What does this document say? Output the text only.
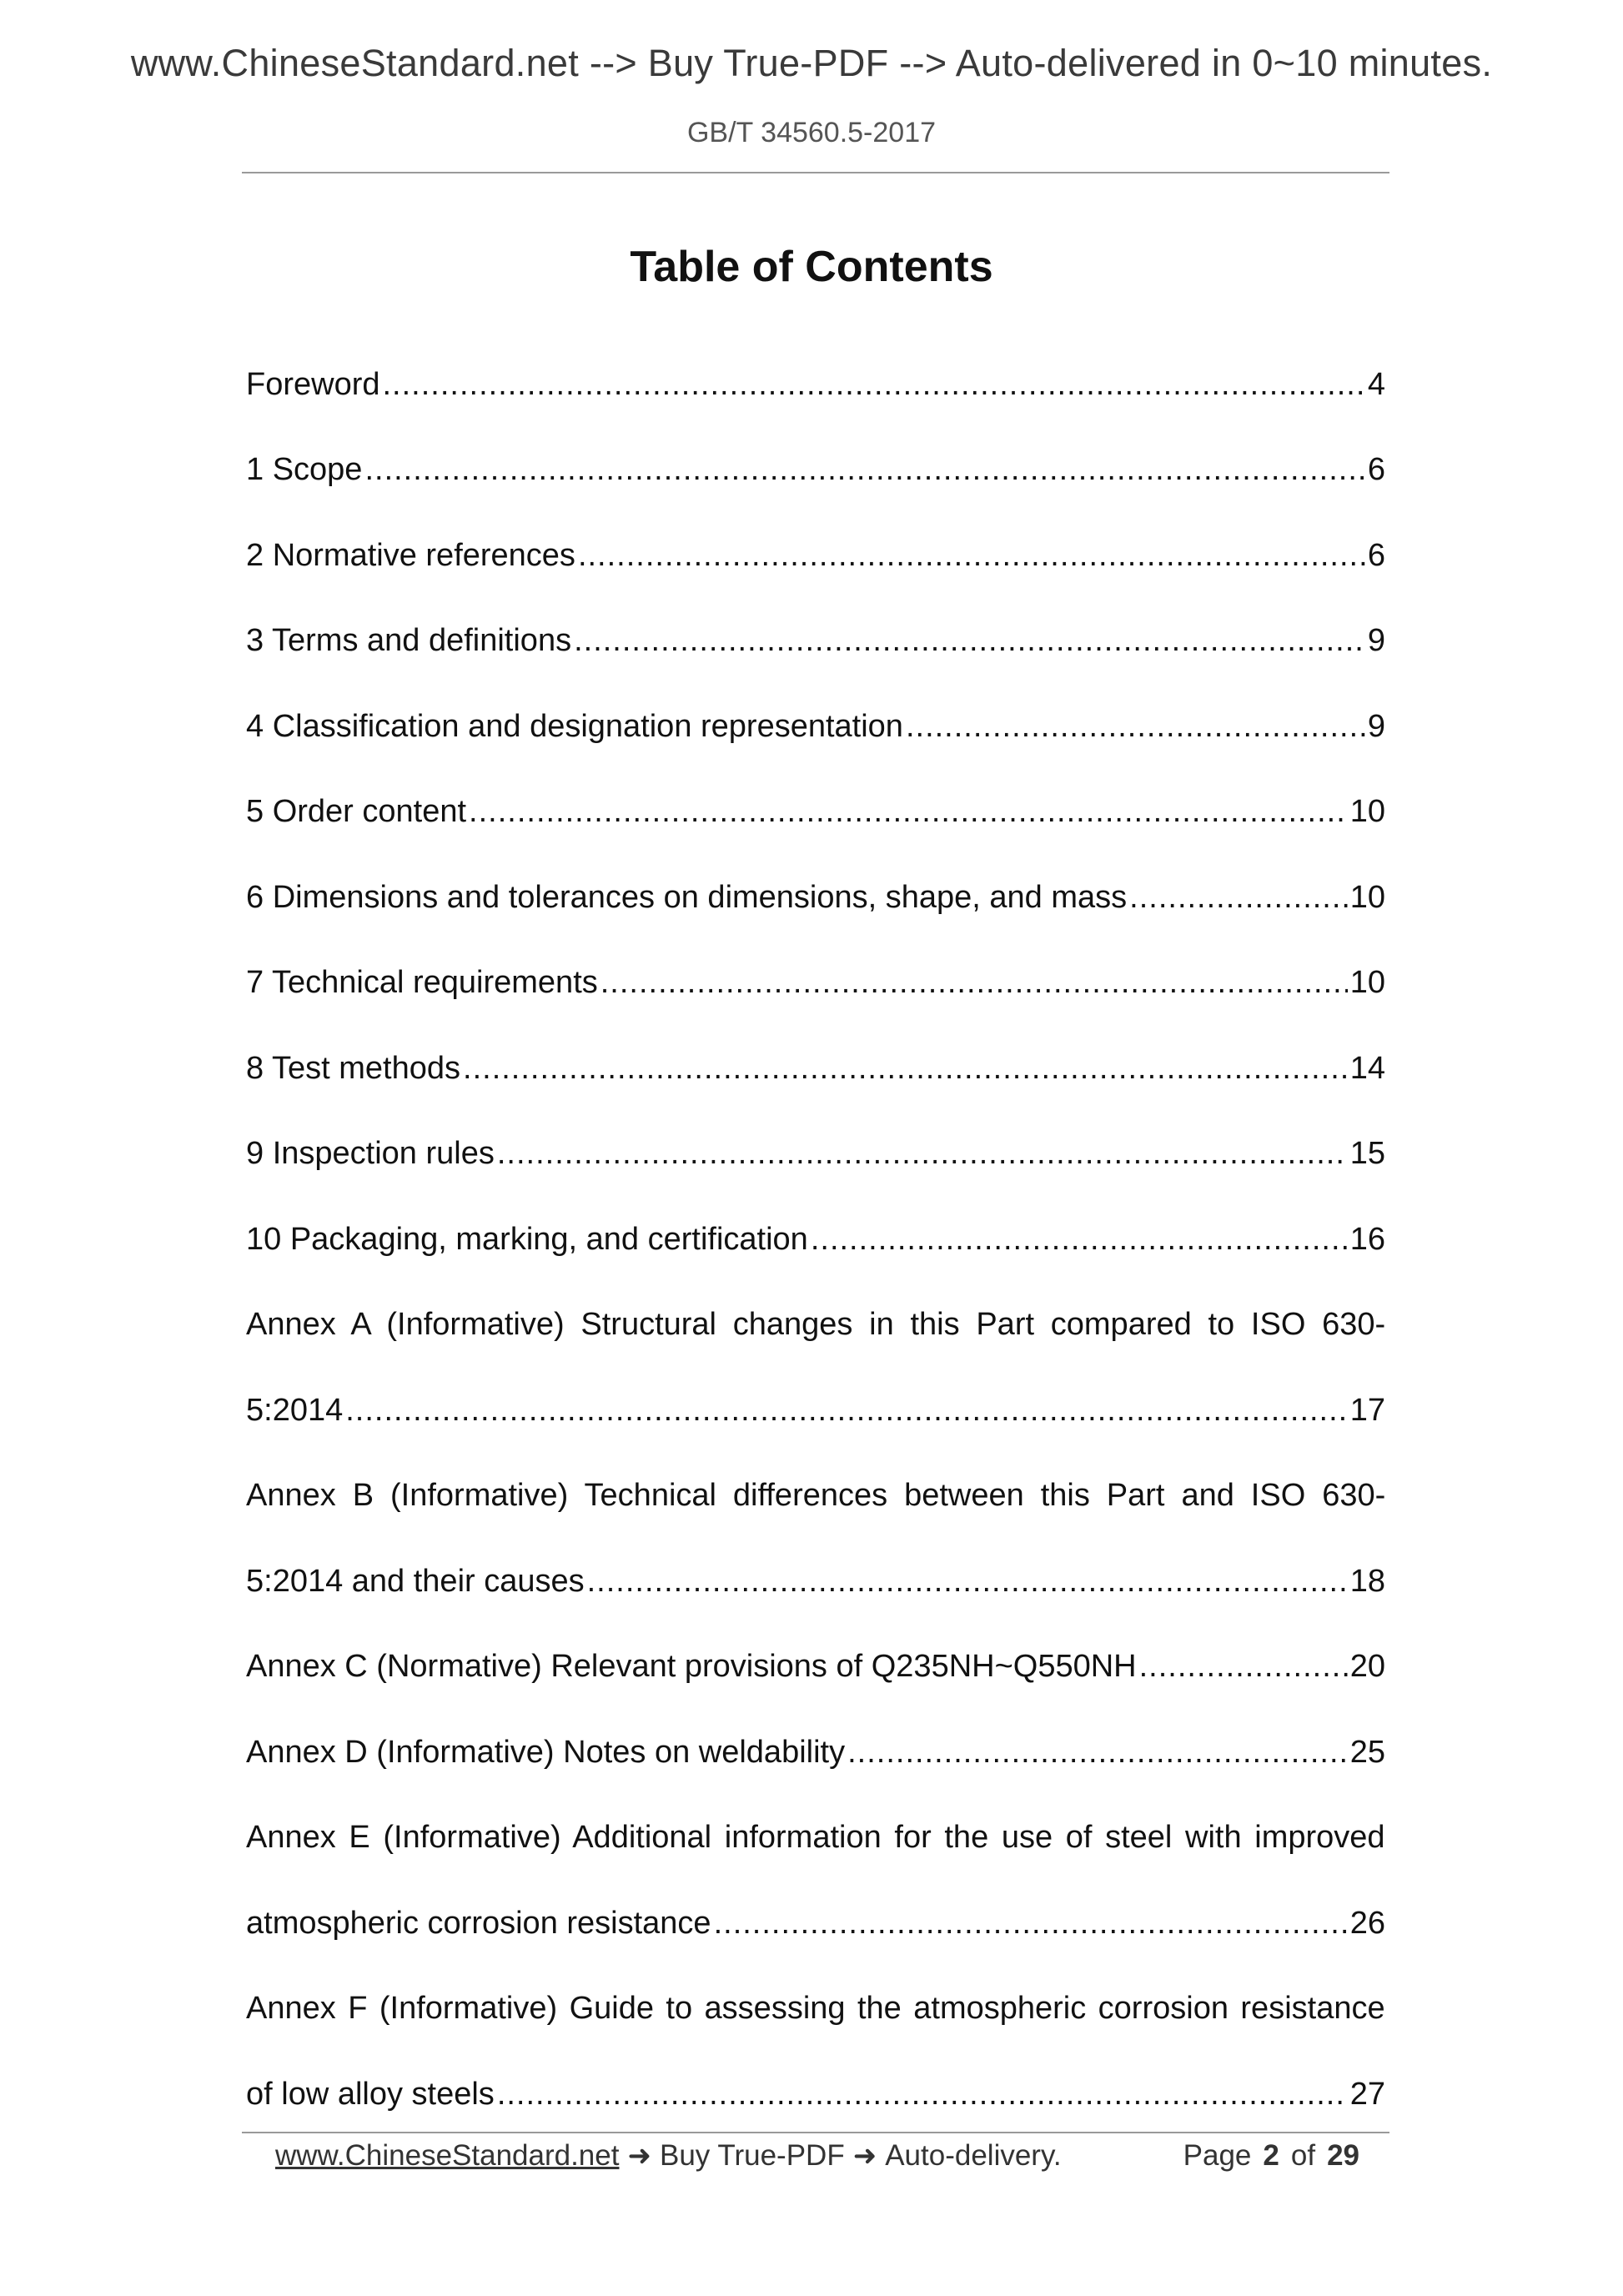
www.ChineseStandard.net --> Buy True-PDF --> Auto-delivered in 0~10 minutes.
GB/T 34560.5-2017
Table of Contents
Foreword .....	4
1 Scope .....	6
2 Normative references .....	6
3 Terms and definitions .....	9
4 Classification and designation representation .....	9
5 Order content .....	10
6 Dimensions and tolerances on dimensions, shape, and mass .....	10
7 Technical requirements .....	10
8 Test methods .....	14
9 Inspection rules .....	15
10 Packaging, marking, and certification .....	16
Annex A (Informative) Structural changes in this Part compared to ISO 630-
5:2014 .....	17
Annex B (Informative) Technical differences between this Part and ISO 630-
5:2014 and their causes .....	18
Annex C (Normative) Relevant provisions of Q235NH~Q550NH .....	20
Annex D (Informative) Notes on weldability .....	25
Annex E (Informative) Additional information for the use of steel with improved
atmospheric corrosion resistance .....	26
Annex F (Informative) Guide to assessing the atmospheric corrosion resistance
of low alloy steels .....	27
www.ChineseStandard.net ➜ Buy True-PDF ➜ Auto-delivery.	Page 2 of 29
